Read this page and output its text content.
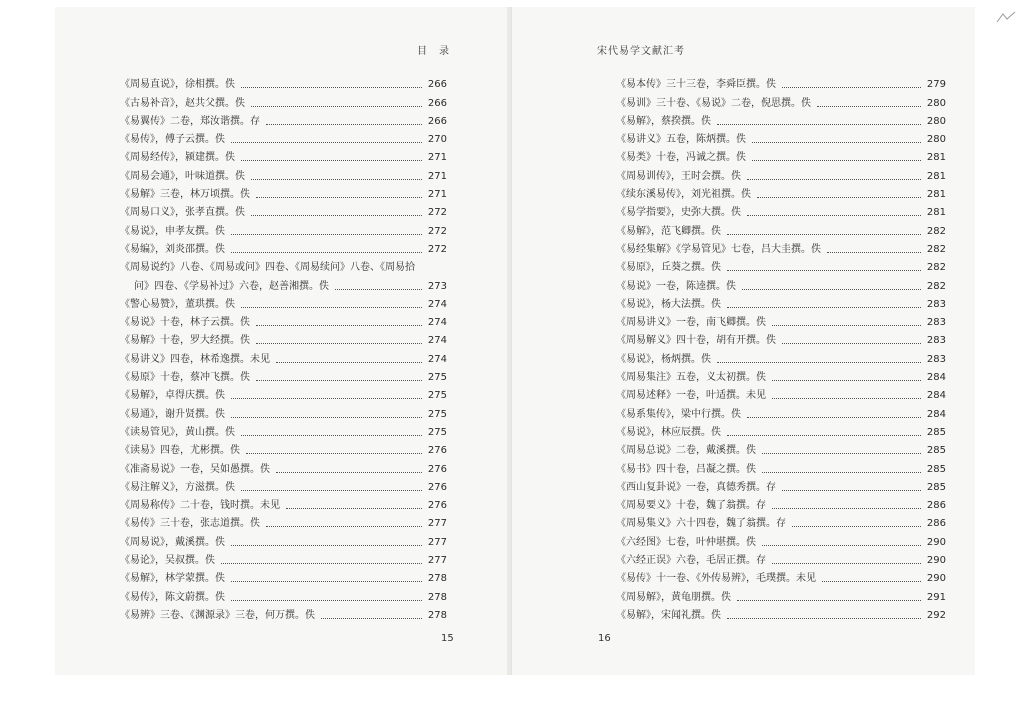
目　录
《周易直说》，徐相撰。佚	266
《古易补音》，赵共父撰。佚	266
《易翼传》二卷，郑汝谐撰。存	266
《易传》，傅子云撰。佚	270
《周易经传》，颍建撰。佚	271
《周易会通》，叶味道撰。佚	271
《易解》三卷，林万顷撰。佚	271
《周易口义》，张孝直撰。佚	272
《易说》，申孝友撰。佚	272
《易编》，刘炎邵撰。佚	272
《周易说约》八卷、《周易或问》四卷、《周易续问》八卷、《周易拾
问》四卷、《学易补过》六卷，赵善湘撰。佚	273
《警心易赞》，董珙撰。佚	274
《易说》十卷，林子云撰。佚	274
《易解》十卷，罗大经撰。佚	274
《易讲义》四卷，林希逸撰。未见	274
《易原》十卷，蔡冲飞撰。佚	275
《易解》，卓得庆撰。佚	275
《易通》，谢升贤撰。佚	275
《读易管见》，黄山撰。佚	275
《读易》四卷，尤彬撰。佚	276
《准斋易说》一卷，吴如愚撰。佚	276
《易注解义》，方滋撰。佚	276
《周易称传》二十卷，钱时撰。未见	276
《易传》三十卷，张志道撰。佚	277
《周易说》，戴溪撰。佚	277
《易论》，吴叔撰。佚	277
《易解》，林学蒙撰。佚	278
《易传》，陈文蔚撰。佚	278
《易辨》三卷、《渊源录》三卷，何万撰。佚	278
15
宋代易学文献汇考
《易本传》三十三卷，李舜臣撰。佚	279
《易训》三十卷、《易说》二卷，倪思撰。佚	280
《易解》，蔡揆撰。佚	280
《易讲义》五卷，陈炳撰。佚	280
《易类》十卷，冯诚之撰。佚	281
《周易训传》，王时会撰。佚	281
《续东溪易传》，刘光祖撰。佚	281
《易学指要》，史弥大撰。佚	281
《易解》，范飞卿撰。佚	282
《易经集解》《学易管见》七卷，吕大圭撰。佚	282
《易原》，丘葵之撰。佚	282
《易说》一卷，陈逵撰。佚	282
《易说》，杨大法撰。佚	283
《周易讲义》一卷，南飞卿撰。佚	283
《周易解义》四十卷，胡有开撰。佚	283
《易说》，杨炳撰。佚	283
《周易集注》五卷，义太初撰。佚	284
《周易述释》一卷，叶适撰。未见	284
《易系集传》，梁中行撰。佚	284
《易说》，林应辰撰。佚	285
《周易总说》二卷，戴溪撰。佚	285
《易书》四十卷，吕凝之撰。佚	285
《西山复卦说》一卷，真德秀撰。存	285
《周易要义》十卷，魏了翁撰。存	286
《周易集义》六十四卷，魏了翁撰。存	286
《六经图》七卷，叶仲堪撰。佚	290
《六经正误》六卷，毛居正撰。存	290
《易传》十一卷、《外传易辨》，毛璞撰。未见	290
《周易解》，黄龟朋撰。佚	291
《易解》，宋闻礼撰。佚	292
16
